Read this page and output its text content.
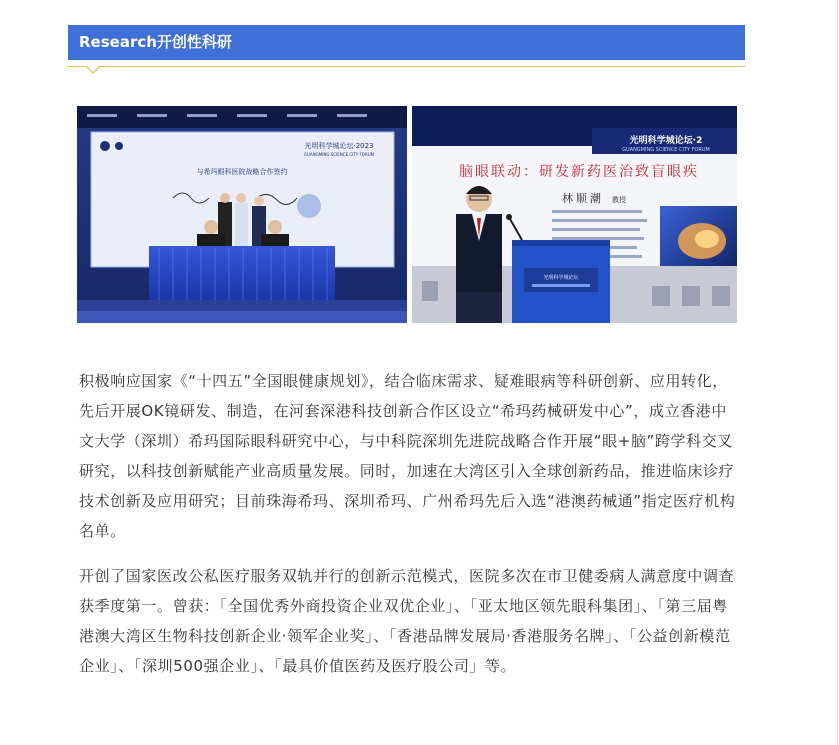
Research开创性科研
光明科学城论坛·2023
GUANGMING SCIENCE CITY FORUM
与希玛眼科医院战略合作签约
光明科学城论坛·2
GUANGMING SCIENCE CITY FORUM
脑眼联动：研发新药医治致盲眼疾
林顺潮 教授
光明科学城论坛

积极响应国家《“十四五”全国眼健康规划》，结合临床需求、疑难眼病等科研创新、应用转化，先后开展OK镜研发、制造，在河套深港科技创新合作区设立“希玛药械研发中心”，成立香港中文大学（深圳）希玛国际眼科研究中心，与中科院深圳先进院战略合作开展“眼+脑”跨学科交叉研究，以科技创新赋能产业高质量发展。同时，加速在大湾区引入全球创新药品，推进临床诊疗技术创新及应用研究；目前珠海希玛、深圳希玛、广州希玛先后入选“港澳药械通”指定医疗机构名单。

开创了国家医改公私医疗服务双轨并行的创新示范模式，医院多次在市卫健委病人满意度中调查获季度第一。曾获：「全国优秀外商投资企业双优企业」、「亚太地区领先眼科集团」、「第三届粤港澳大湾区生物科技创新企业·领军企业奖」、「香港品牌发展局·香港服务名牌」、「公益创新模范企业」、「深圳500强企业」、「最具价值医药及医疗股公司」等。
